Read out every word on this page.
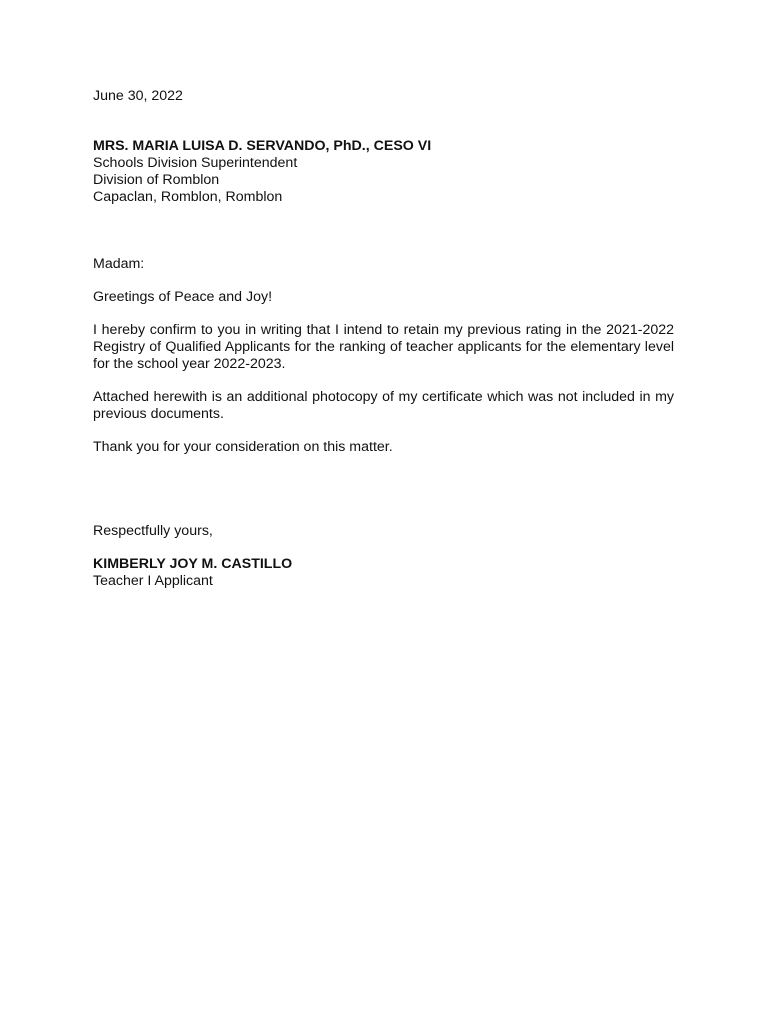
June 30, 2022
MRS. MARIA LUISA D. SERVANDO, PhD., CESO VI
Schools Division Superintendent
Division of Romblon
Capaclan, Romblon, Romblon
Madam:
Greetings of Peace and Joy!

I hereby confirm to you in writing that I intend to retain my previous rating in the 2021-2022 Registry of Qualified Applicants for the ranking of teacher applicants for the elementary level for the school year 2022-2023.

Attached herewith is an additional photocopy of my certificate which was not included in my previous documents.

Thank you for your consideration on this matter.
Respectfully yours,
KIMBERLY JOY M. CASTILLO
Teacher I Applicant
